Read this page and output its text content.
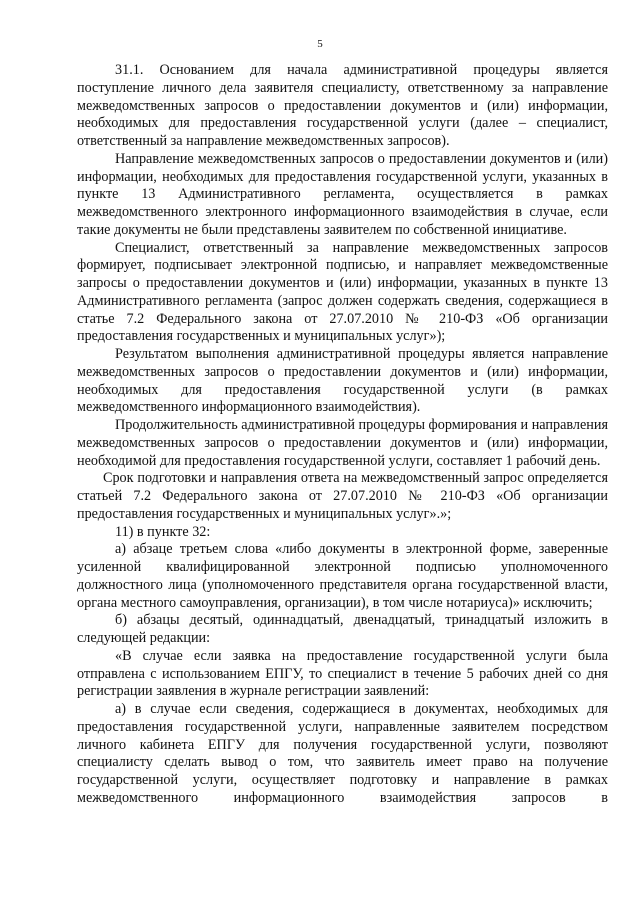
5

31.1. Основанием для начала административной процедуры является поступление личного дела заявителя специалисту, ответственному за направление межведомственных запросов о предоставлении документов и (или) информации, необходимых для предоставления государственной услуги (далее – специалист, ответственный за направление межведомственных запросов).

Направление межведомственных запросов о предоставлении документов и (или) информации, необходимых для предоставления государственной услуги, указанных в пункте 13 Административного регламента, осуществляется в рамках межведомственного электронного информационного взаимодействия в случае, если такие документы не были представлены заявителем по собственной инициативе.

Специалист, ответственный за направление межведомственных запросов формирует, подписывает электронной подписью, и направляет межведомственные запросы о предоставлении документов и (или) информации, указанных в пункте 13 Административного регламента (запрос должен содержать сведения, содержащиеся в статье 7.2 Федерального закона от 27.07.2010 № 210-ФЗ «Об организации предоставления государственных и муниципальных услуг»);

Результатом выполнения административной процедуры является направление межведомственных запросов о предоставлении документов и (или) информации, необходимых для предоставления государственной услуги (в рамках межведомственного информационного взаимодействия).

Продолжительность административной процедуры формирования и направления межведомственных запросов о предоставлении документов и (или) информации, необходимой для предоставления государственной услуги, составляет 1 рабочий день.

Срок подготовки и направления ответа на межведомственный запрос определяется статьей 7.2 Федерального закона от 27.07.2010 № 210-ФЗ «Об организации предоставления государственных и муниципальных услуг».»;

11) в пункте 32:

а) абзаце третьем слова «либо документы в электронной форме, заверенные усиленной квалифицированной электронной подписью уполномоченного должностного лица (уполномоченного представителя органа государственной власти, органа местного самоуправления, организации), в том числе нотариуса)» исключить;

б) абзацы десятый, одиннадцатый, двенадцатый, тринадцатый изложить в следующей редакции:

«В случае если заявка на предоставление государственной услуги была отправлена с использованием ЕПГУ, то специалист в течение 5 рабочих дней со дня регистрации заявления в журнале регистрации заявлений:

а) в случае если сведения, содержащиеся в документах, необходимых для предоставления государственной услуги, направленные заявителем посредством личного кабинета ЕПГУ для получения государственной услуги, позволяют специалисту сделать вывод о том, что заявитель имеет право на получение государственной услуги, осуществляет подготовку и направление в рамках межведомственного информационного взаимодействия запросов в
